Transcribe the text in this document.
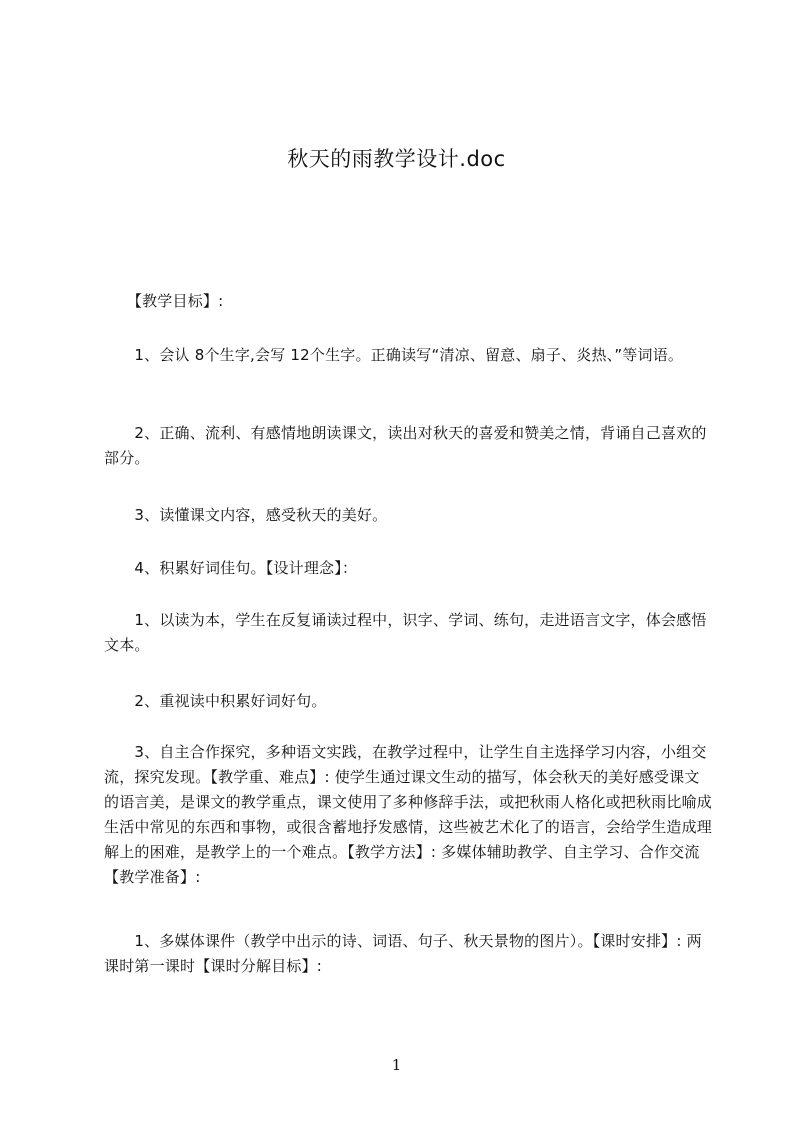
秋天的雨教学设计.doc
　　【教学目标】:
　　1、会认 8个生字,会写 12个生字。正确读写“清凉、留意、扇子、炎热、”等词语。
　　2、正确、流利、有感情地朗读课文，读出对秋天的喜爱和赞美之情，背诵自己喜欢的部分。
　　3、读懂课文内容，感受秋天的美好。
　　4、积累好词佳句。【设计理念】：
　　1、以读为本，学生在反复诵读过程中，识字、学词、练句，走进语言文字，体会感悟文本。
　　2、重视读中积累好词好句。
　　3、自主合作探究，多种语文实践，在教学过程中，让学生自主选择学习内容，小组交流，探究发现。【教学重、难点】: 使学生通过课文生动的描写，体会秋天的美好感受课文的语言美，是课文的教学重点，课文使用了多种修辞手法，或把秋雨人格化或把秋雨比喻成生活中常见的东西和事物，或很含蓄地抒发感情，这些被艺术化了的语言，会给学生造成理解上的困难，是教学上的一个难点。【教学方法】: 多媒体辅助教学、自主学习、合作交流【教学准备】:
　　1、多媒体课件（教学中出示的诗、词语、句子、秋天景物的图片）。【课时安排】: 两课时第一课时【课时分解目标】:
1
